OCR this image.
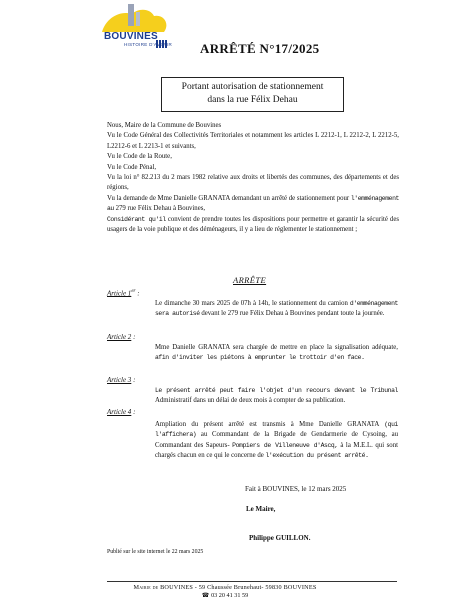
BOUVINES
HISTOIRE D'AVENIR ARRÊTÉ N°17/2025
Portant autorisation de stationnement
dans la rue Félix Dehau

Nous, Maire de la Commune de Bouvines

Vu le Code Général des Collectivités Territoriales et notamment les articles L 2212-1, L 2212-2, L 2212-5, L2212-6 et L 2213-1 et suivants,

Vu le Code de la Route,

Vu le Code Pénal,

Vu la loi n° 82.213 du 2 mars 1982 relative aux droits et libertés des communes, des départements et des régions,

Vu la demande de Mme Danielle GRANATA demandant un arrêté de stationnement pour l'emménagement au 279 rue Félix Dehau à Bouvines,

Considérant qu'il convient de prendre toutes les dispositions pour permettre et garantir la sécurité des usagers de la voie publique et des déménageurs, il y a lieu de réglementer le stationnement ;

ARRÊTE
Article 1er :
Le dimanche 30 mars 2025 de 07h à 14h, le stationnement du camion d'emménagement sera autorisé devant le 279 rue Félix Dehau à Bouvines pendant toute la journée.
Article 2 :
Mme Danielle GRANATA sera chargée de mettre en place la signalisation adéquate, afin d'inviter les piétons à emprunter le trottoir d'en face.
Article 3 :
Le présent arrêté peut faire l'objet d'un recours devant le Tribunal Administratif dans un délai de deux mois à compter de sa publication.
Article 4 :
Ampliation du présent arrêté est transmis à Mme Danielle GRANATA (qui l'affichera) au Commandant de la Brigade de Gendarmerie de Cysoing, au Commandant des Sapeurs- Pompiers de Villeneuve d'Ascq, à la M.E.L. qui sont chargés chacun en ce qui le concerne de l'exécution du présent arrêté.
Fait à BOUVINES, le 12 mars 2025
Le Maire,
Philippe GUILLON.
Publié sur le site internet le 22 mars 2025
Mairie de BOUVINES - 59 Chaussée Brunehaut- 59830 BOUVINES
☎ 03 20 41 31 59
